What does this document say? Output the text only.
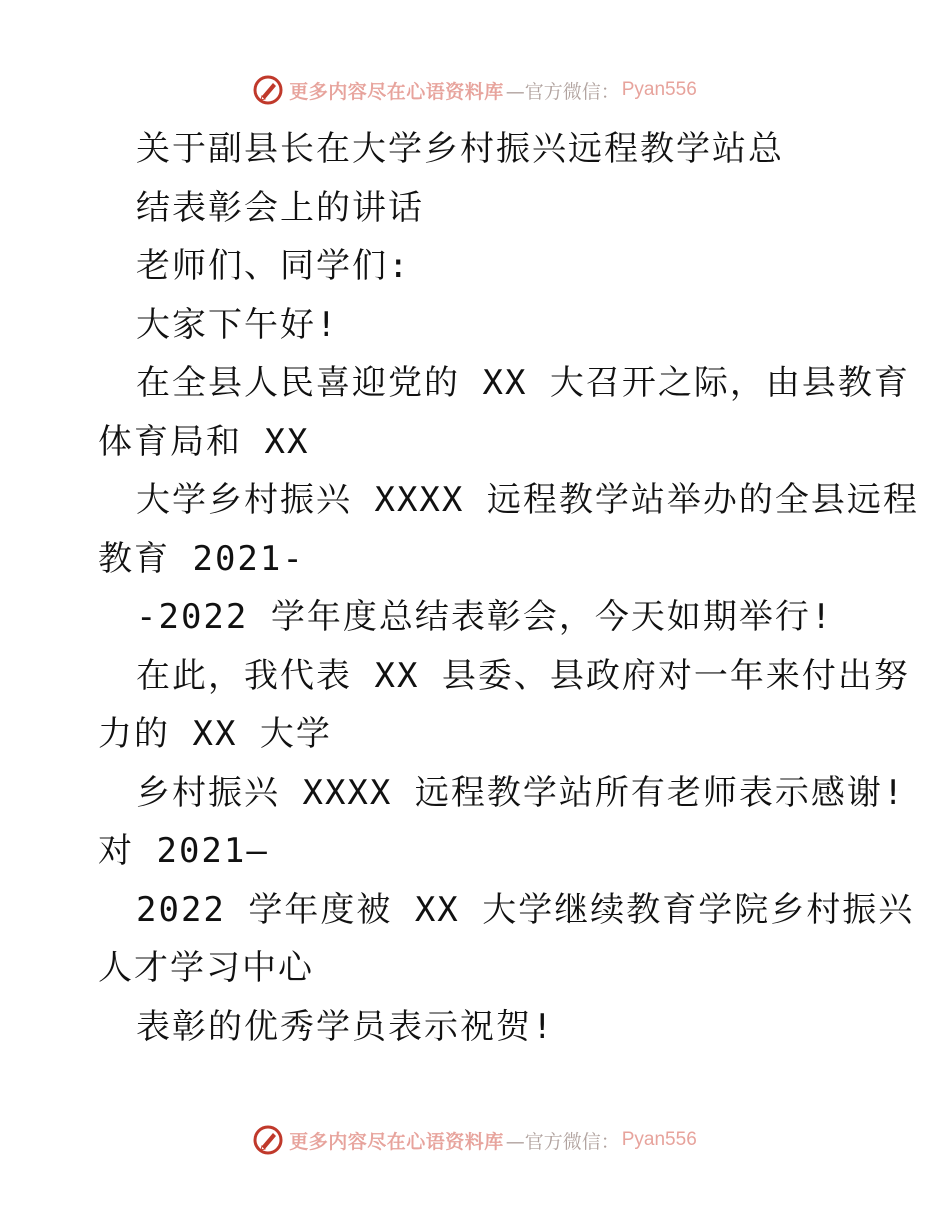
更多内容尽在心语资料库 —官方微信： Pyan556
关于副县长在大学乡村振兴远程教学站总
结表彰会上的讲话
老师们、同学们:
大家下午好!
在全县人民喜迎党的 XX 大召开之际，由县教育
体育局和 XX
大学乡村振兴 XXXX 远程教学站举办的全县远程
教育 2021-
-2022 学年度总结表彰会，今天如期举行!
在此，我代表 XX 县委、县政府对一年来付出努
力的 XX 大学
乡村振兴 XXXX 远程教学站所有老师表示感谢!
对 2021—
2022 学年度被 XX 大学继续教育学院乡村振兴
人才学习中心
表彰的优秀学员表示祝贺!
更多内容尽在心语资料库 —官方微信： Pyan556
